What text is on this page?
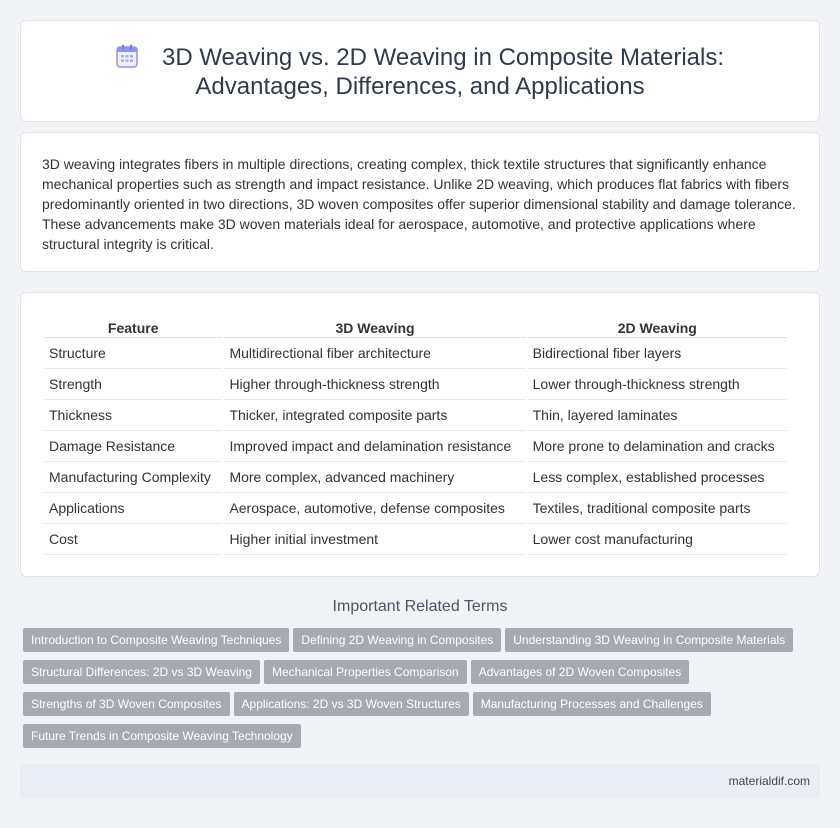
3D Weaving vs. 2D Weaving in Composite Materials: Advantages, Differences, and Applications

3D weaving integrates fibers in multiple directions, creating complex, thick textile structures that significantly enhance mechanical properties such as strength and impact resistance. Unlike 2D weaving, which produces flat fabrics with fibers predominantly oriented in two directions, 3D woven composites offer superior dimensional stability and damage tolerance. These advancements make 3D woven materials ideal for aerospace, automotive, and protective applications where structural integrity is critical.

Feature	3D Weaving	2D Weaving
Structure	Multidirectional fiber architecture	Bidirectional fiber layers
Strength	Higher through-thickness strength	Lower through-thickness strength
Thickness	Thicker, integrated composite parts	Thin, layered laminates
Damage Resistance	Improved impact and delamination resistance	More prone to delamination and cracks
Manufacturing Complexity	More complex, advanced machinery	Less complex, established processes
Applications	Aerospace, automotive, defense composites	Textiles, traditional composite parts
Cost	Higher initial investment	Lower cost manufacturing
Important Related Terms
Introduction to Composite Weaving Techniques Defining 2D Weaving in Composites Understanding 3D Weaving in Composite Materials
Structural Differences: 2D vs 3D Weaving Mechanical Properties Comparison Advantages of 2D Woven Composites
Strengths of 3D Woven Composites Applications: 2D vs 3D Woven Structures Manufacturing Processes and Challenges
Future Trends in Composite Weaving Technology
materialdif.com
